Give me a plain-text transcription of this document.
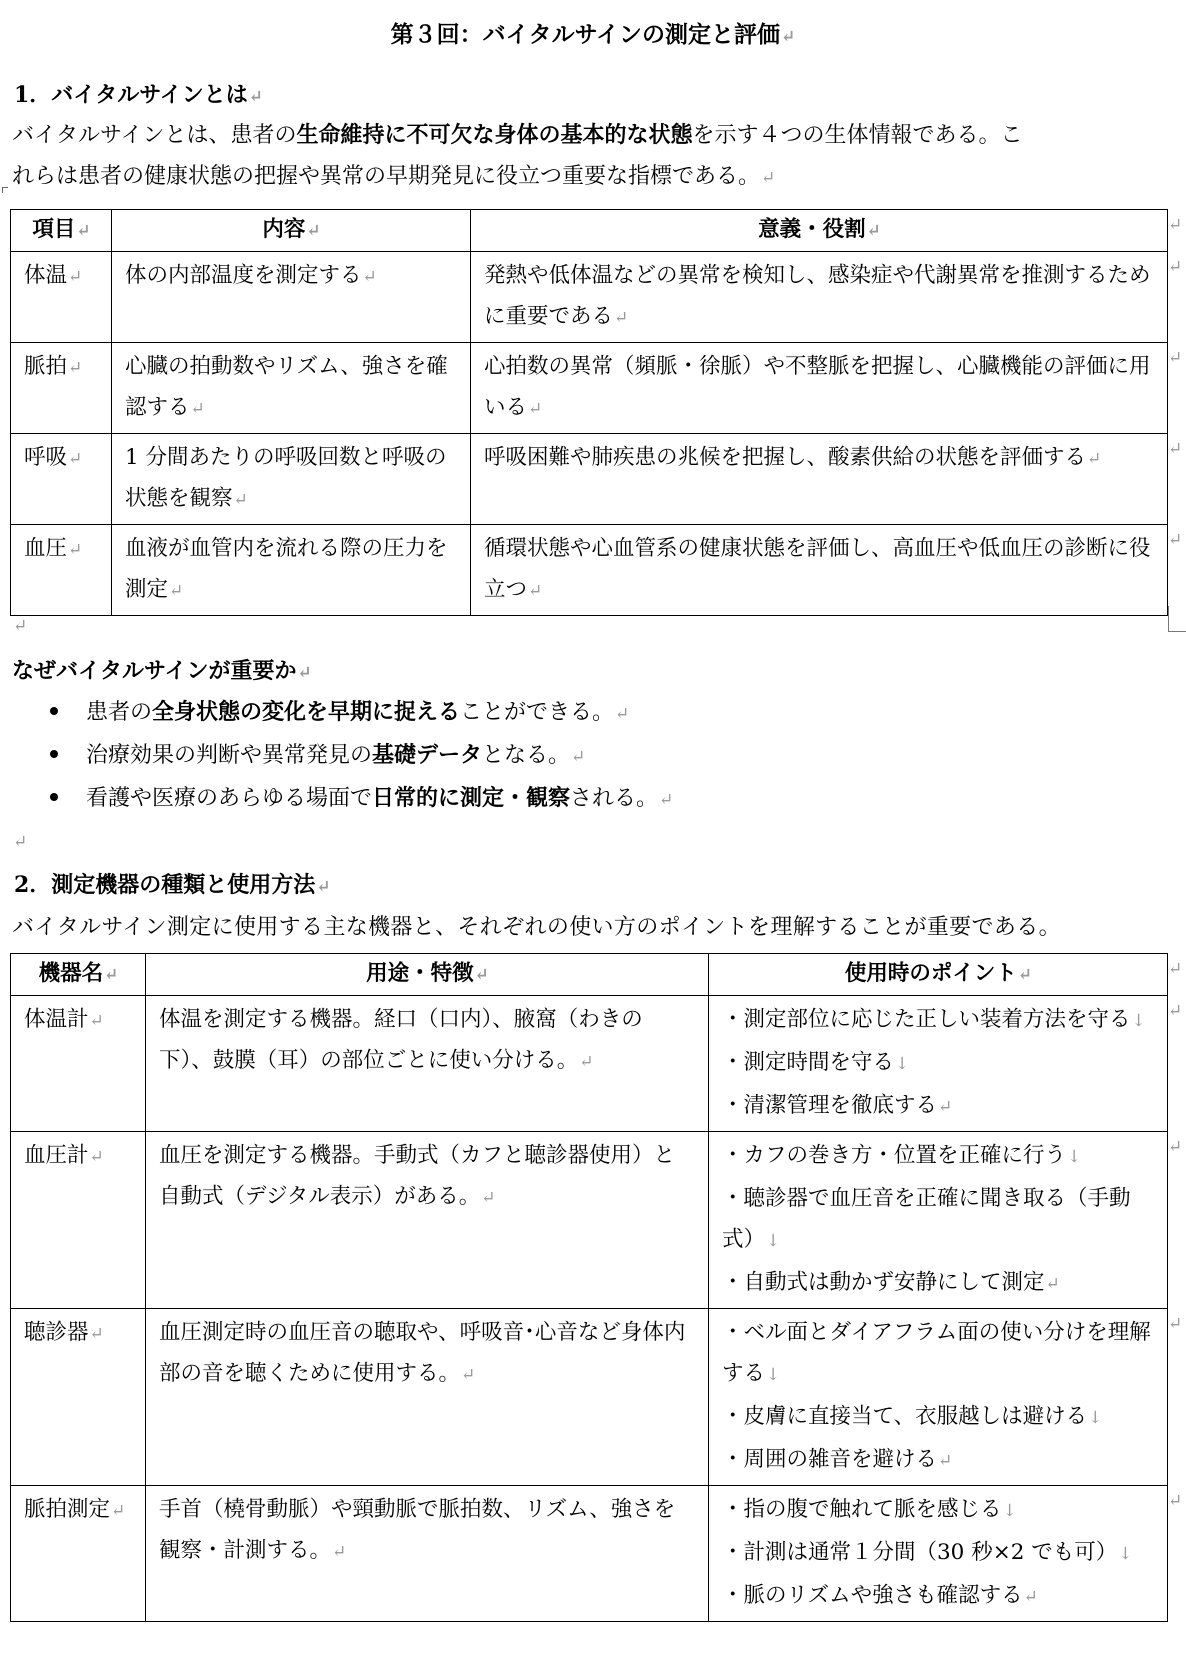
第３回：バイタルサインの測定と評価↵
1．バイタルサインとは↵
バイタルサインとは、患者の生命維持に不可欠な身体の基本的な状態を示す４つの生体情報である。こ
れらは患者の健康状態の把握や異常の早期発見に役立つ重要な指標である。↵
項目↵	内容↵	意義・役割↵
体温↵	体の内部温度を測定する↵	発熱や低体温などの異常を検知し、感染症や代謝異常を推測するために重要である↵
脈拍↵	心臓の拍動数やリズム、強さを確認する↵	心拍数の異常（頻脈・徐脈）や不整脈を把握し、心臓機能の評価に用いる↵
呼吸↵	1 分間あたりの呼吸回数と呼吸の状態を観察↵	呼吸困難や肺疾患の兆候を把握し、酸素供給の状態を評価する↵
血圧↵	血液が血管内を流れる際の圧力を測定↵	循環状態や心血管系の健康状態を評価し、高血圧や低血圧の診断に役立つ↵
↵
なぜバイタルサインが重要か↵
患者の全身状態の変化を早期に捉えることができる。↵
治療効果の判断や異常発見の基礎データとなる。↵
看護や医療のあらゆる場面で日常的に測定・観察される。↵
↵
2．測定機器の種類と使用方法↵
バイタルサイン測定に使用する主な機器と、それぞれの使い方のポイントを理解することが重要である。
機器名↵	用途・特徴↵	使用時のポイント↵
体温計↵	体温を測定する機器。経口（口内）、腋窩（わきの下）、鼓膜（耳）の部位ごとに使い分ける。↵	・測定部位に応じた正しい装着方法を守る↓
・測定時間を守る↓
・清潔管理を徹底する↵

血圧計↵	血圧を測定する機器。手動式（カフと聴診器使用）と自動式（デジタル表示）がある。↵	・カフの巻き方・位置を正確に行う↓
・聴診器で血圧音を正確に聞き取る（手動式）↓
・自動式は動かず安静にして測定↵

聴診器↵	血圧測定時の血圧音の聴取や、呼吸音･心音など身体内部の音を聴くために使用する。↵	・ベル面とダイアフラム面の使い分けを理解する↓
・皮膚に直接当て、衣服越しは避ける↓
・周囲の雑音を避ける↵

脈拍測定↵	手首（橈骨動脈）や頸動脈で脈拍数、リズム、強さを観察・計測する。↵	・指の腹で触れて脈を感じる↓
・計測は通常１分間（30 秒×2 でも可）↓
・脈のリズムや強さも確認する↵
↵
↵
↵
↵
↵
↵
↵
↵
↵
↵
